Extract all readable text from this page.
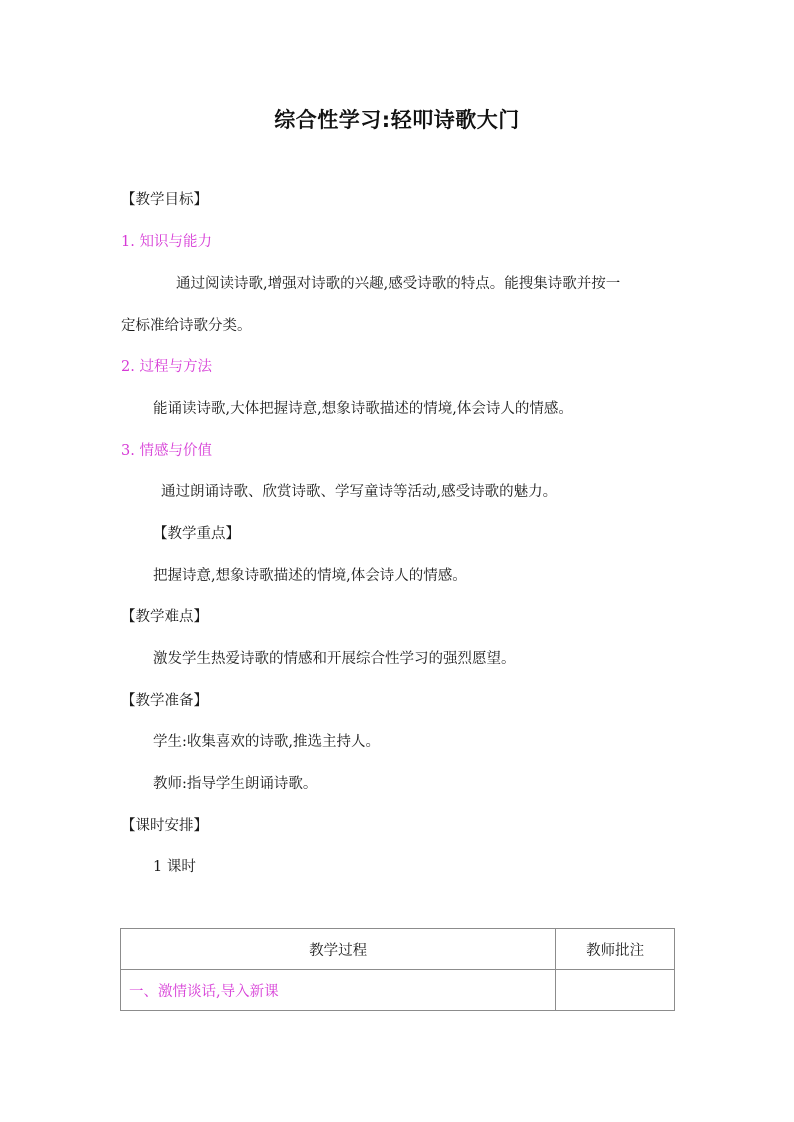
综合性学习:轻叩诗歌大门
【教学目标】
1. 知识与能力
通过阅读诗歌,增强对诗歌的兴趣,感受诗歌的特点。能搜集诗歌并按一
定标准给诗歌分类。
2. 过程与方法
能诵读诗歌,大体把握诗意,想象诗歌描述的情境,体会诗人的情感。
3. 情感与价值
通过朗诵诗歌、欣赏诗歌、学写童诗等活动,感受诗歌的魅力。
【教学重点】
把握诗意,想象诗歌描述的情境,体会诗人的情感。
【教学难点】
激发学生热爱诗歌的情感和开展综合性学习的强烈愿望。
【教学准备】
学生:收集喜欢的诗歌,推选主持人。
教师:指导学生朗诵诗歌。
【课时安排】
1 课时
教学过程	教师批注
一、激情谈话,导入新课	
